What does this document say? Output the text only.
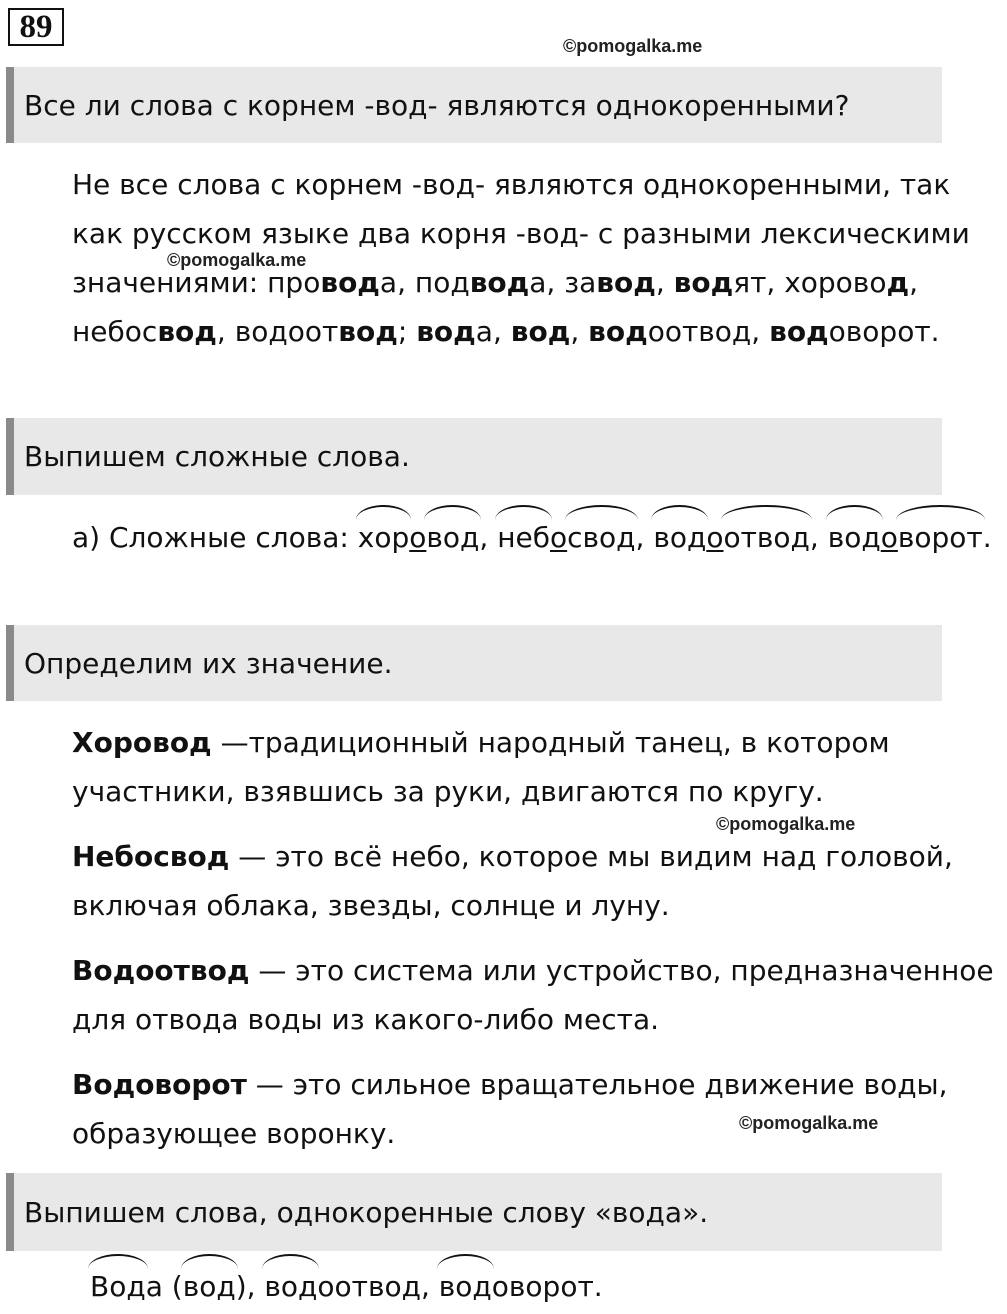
89
©pomogalka.me
Все ли слова с корнем -вод- являются однокоренными?

Не все слова с корнем -вод- являются однокоренными, так как русском языке два корня -вод- с разными лексическими значениями: провода, подвода, завод, водят, хоровод, небосвод, водоотвод; вода, вод, водоотвод, водоворот.

©pomogalka.me
Выпишем сложные слова.

а) Сложные слова: хор
овод
, неб
освод
, вод
оотвод
, вод
оворот
.

Определим их значение.

Хоровод —традиционный народный танец, в котором участники, взявшись за руки, двигаются по кругу.

©pomogalka.me

Небосвод — это всё небо, которое мы видим над головой, включая облака, звезды, солнце и луну.

Водоотвод — это система или устройство, предназначенное для отвода воды из какого-либо места.

Водоворот — это сильное вращательное движение воды, образующее воронку.	©pomogalka.me
Выпишем слова, однокоренные слову «вода».

Вод
а (вод
), вод
оотвод, вод
оворот.
